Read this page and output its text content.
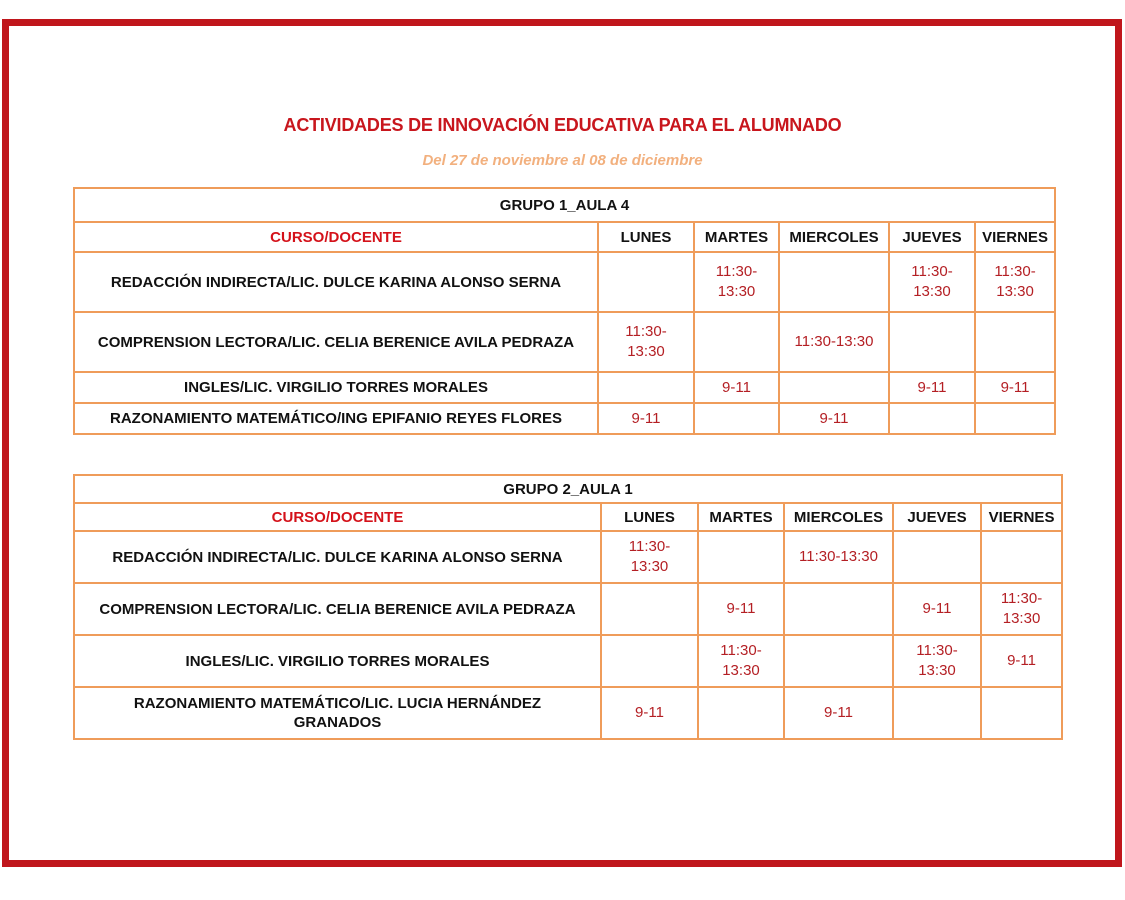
ACTIVIDADES DE INNOVACIÓN EDUCATIVA PARA EL ALUMNADO
Del 27 de noviembre al 08 de diciembre
GRUPO 1_AULA 4					
CURSO/DOCENTE	LUNES	MARTES	MIERCOLES	JUEVES	VIERNES
REDACCIÓN INDIRECTA/LIC. DULCE KARINA ALONSO SERNA		11:30-
13:30		11:30-
13:30	11:30-
13:30
COMPRENSION LECTORA/LIC. CELIA BERENICE AVILA PEDRAZA	11:30-
13:30		11:30-13:30		
INGLES/LIC. VIRGILIO TORRES MORALES		9-11		9-11	9-11
RAZONAMIENTO MATEMÁTICO/ING EPIFANIO REYES FLORES	9-11		9-11		
GRUPO 2_AULA 1					
CURSO/DOCENTE	LUNES	MARTES	MIERCOLES	JUEVES	VIERNES
REDACCIÓN INDIRECTA/LIC. DULCE KARINA ALONSO SERNA	11:30-
13:30		11:30-13:30		
COMPRENSION LECTORA/LIC. CELIA BERENICE AVILA PEDRAZA		9-11		9-11	11:30-
13:30
INGLES/LIC. VIRGILIO TORRES MORALES		11:30-
13:30		11:30-
13:30	9-11
RAZONAMIENTO MATEMÁTICO/LIC. LUCIA HERNÁNDEZ
GRANADOS	9-11		9-11		
